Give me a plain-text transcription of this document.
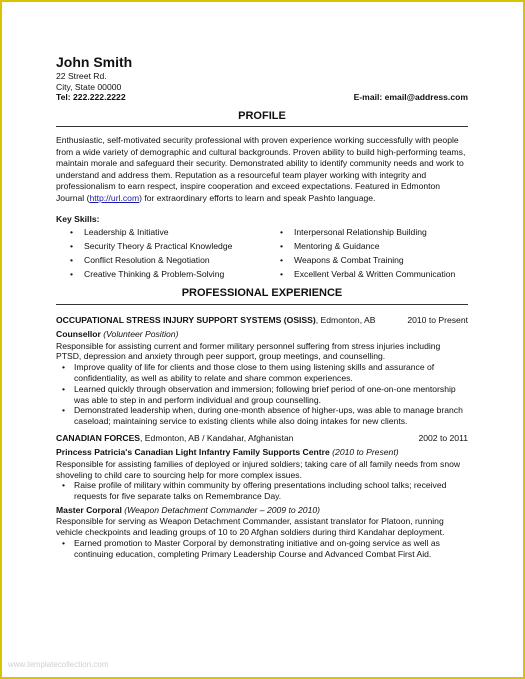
John Smith
22 Street Rd.
City, State 00000
Tel: 222.222.2222	E-mail: email@address.com
PROFILE
Enthusiastic, self-motivated security professional with proven experience working successfully with people from a wide variety of demographic and cultural backgrounds. Proven ability to build high-performing teams, maintain morale and safeguard their security. Demonstrated ability to identify community needs and work to understand and address them. Reputation as a resourceful team player working with integrity and professionalism to earn respect, inspire cooperation and exceed expectations. Featured in Edmonton Journal (http://url.com) for extraordinary efforts to learn and speak Pashto language.
Key Skills:
• Leadership & Initiative	• Interpersonal Relationship Building
• Security Theory & Practical Knowledge	• Mentoring & Guidance
• Conflict Resolution & Negotiation	• Weapons & Combat Training
• Creative Thinking & Problem-Solving	• Excellent Verbal & Written Communication
PROFESSIONAL EXPERIENCE
OCCUPATIONAL STRESS INJURY SUPPORT SYSTEMS (OSISS), Edmonton, AB	2010 to Present
Counsellor (Volunteer Position)
Responsible for assisting current and former military personnel suffering from stress injuries including PTSD, depression and anxiety through peer support, group meetings, and counselling.
• Improve quality of life for clients and those close to them using listening skills and assurance of confidentiality, as well as ability to relate and share common experiences.
• Learned quickly through observation and immersion; following brief period of one-on-one mentorship was able to step in and perform individual and group counselling.
• Demonstrated leadership when, during one-month absence of higher-ups, was able to manage branch caseload; maintaining service to existing clients while also doing intakes for new clients.
CANADIAN FORCES, Edmonton, AB / Kandahar, Afghanistan	2002 to 2011
Princess Patricia's Canadian Light Infantry Family Supports Centre (2010 to Present)
Responsible for assisting families of deployed or injured soldiers; taking care of all family needs from snow shoveling to child care to sourcing help for more complex issues.
• Raise profile of military within community by offering presentations including school talks; received requests for five separate talks on Remembrance Day.
Master Corporal (Weapon Detachment Commander – 2009 to 2010)
Responsible for serving as Weapon Detachment Commander, assistant translator for Platoon, running vehicle checkpoints and leading groups of 10 to 20 Afghan soldiers during third Kandahar deployment.
• Earned promotion to Master Corporal by demonstrating initiative and on-going service as well as continuing education, completing Primary Leadership Course and Advanced Combat First Aid.
www.templatecollection.com
